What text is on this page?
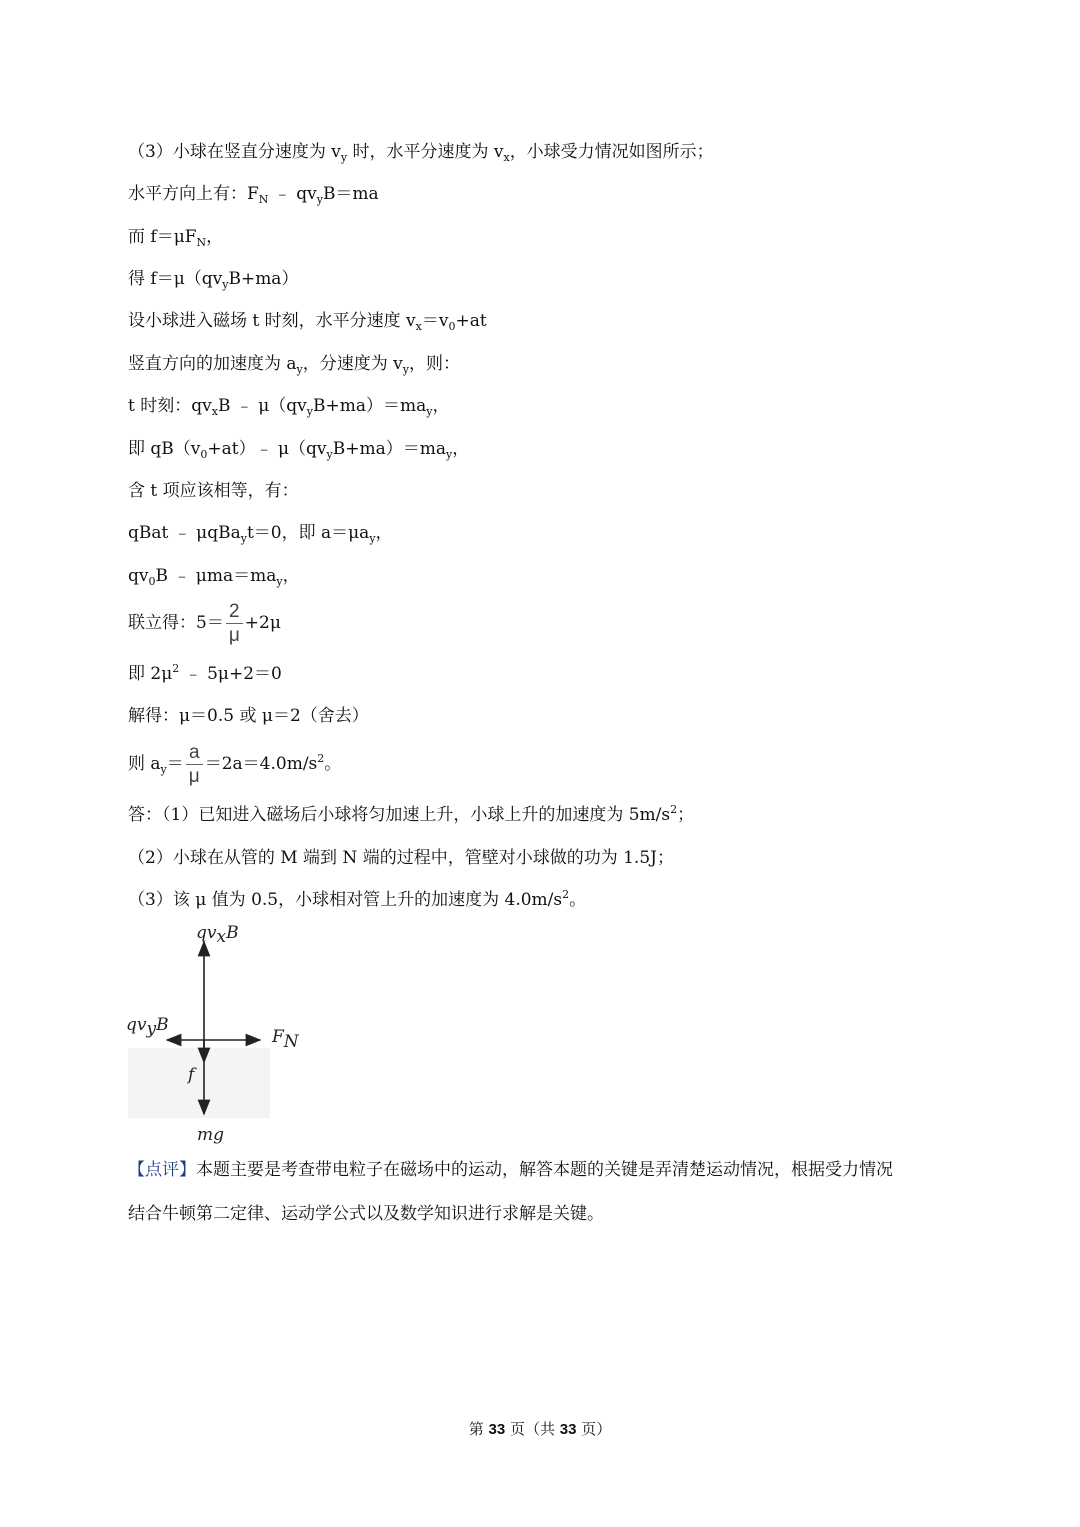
（3）小球在竖直分速度为 $v_y$ 时，水平分速度为 $v_x$，小球受力情况如图所示；
水平方向上有：$F_N$ ﹣ $qv_yB=ma$
而 $f=\mu F_N$，
得 $f=\mu(qv_yB+ma)$
设小球进入磁场 t 时刻，水平分速度 $v_x=v_0+at$
竖直方向的加速度为 $a_y$，分速度为 $v_y$，则：
t 时刻：$qv_xB$ ﹣ $\mu(qv_yB+ma)=ma_y$，
即 $qB(v_0+at)﹣$ $\mu(qv_yB+ma)=ma_y$，
含 t 项应该相等，有：
qBat ﹣ μqBa$_y$t＝0，即 $a=\mu a_y$，
$qv_0B$ ﹣ $\mu ma=ma_y$，
联立得：$5= \frac{2}{\mu} +2\mu$
即 $2\mu^2$ ﹣ 5μ+2＝0
解得：μ＝0.5 或 μ＝2（舍去）
则 $a_y= \frac{a}{\mu} =2a=4.0m/s^2$。
答：（1）已知进入磁场后小球将匀加速上升，小球上升的加速度为 $5m/s^2$；
（2）小球在从管的 M 端到 N 端的过程中，管壁对小球做的功为 1.5J；
（3）该 μ 值为 0.5，小球相对管上升的加速度为 $4.0m/s^2$。
qvxB
qvyB
FN
f
mg
【点评】本题主要是考查带电粒子在磁场中的运动，解答本题的关键是弄清楚运动情况，根据受力情况
结合牛顿第二定律、运动学公式以及数学知识进行求解是关键。
第 33 页（共 33 页）
